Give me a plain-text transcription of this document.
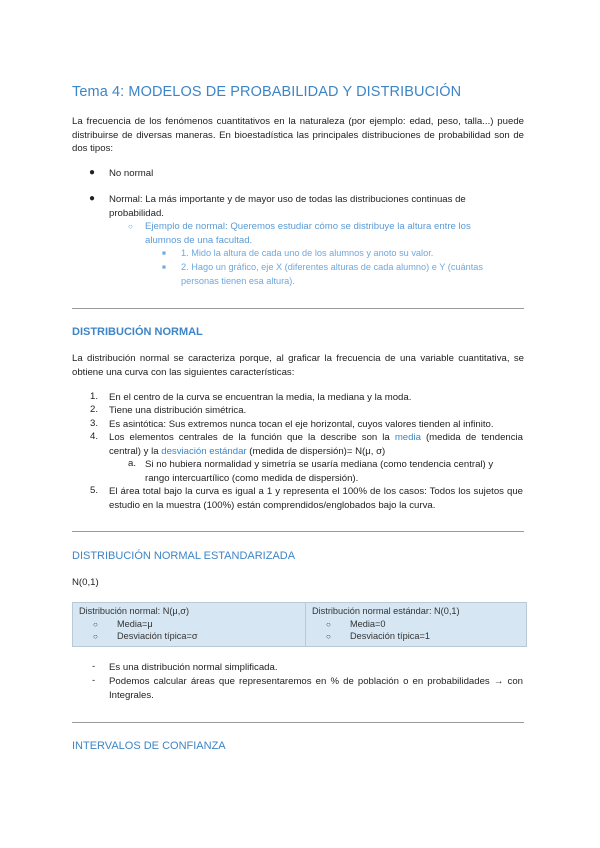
Tema 4: MODELOS DE PROBABILIDAD Y DISTRIBUCIÓN
La frecuencia de los fenómenos cuantitativos en la naturaleza (por ejemplo: edad, peso, talla...) puede distribuirse de diversas maneras. En bioestadística las principales distribuciones de probabilidad son de dos tipos:
● No normal
● Normal: La más importante y de mayor uso de todas las distribuciones continuas de probabilidad.
○ Ejemplo de normal: Queremos estudiar cómo se distribuye la altura entre los alumnos de una facultad.
■ 1. Mido la altura de cada uno de los alumnos y anoto su valor.
■ 2. Hago un gráfico, eje X (diferentes alturas de cada alumno) e Y (cuántas personas tienen esa altura).
DISTRIBUCIÓN NORMAL
La distribución normal se caracteriza porque, al graficar la frecuencia de una variable cuantitativa, se obtiene una curva con las siguientes características:
1. En el centro de la curva se encuentran la media, la mediana y la moda.
2. Tiene una distribución simétrica.
3. Es asintótica: Sus extremos nunca tocan el eje horizontal, cuyos valores tienden al infinito.
4. Los elementos centrales de la función que la describe son la media (medida de tendencia central) y la desviación estándar (medida de dispersión)= N(μ, σ)
a. Si no hubiera normalidad y simetría se usaría mediana (como tendencia central) y rango intercuartílico (como medida de dispersión).
5. El área total bajo la curva es igual a 1 y representa el 100% de los casos: Todos los sujetos que estudio en la muestra (100%) están comprendidos/englobados bajo la curva.
DISTRIBUCIÓN NORMAL ESTANDARIZADA
N(0,1)
Distribución normal: N(μ,σ)
○ Media=μ
○ Desviación típica=σ

Distribución normal estándar: N(0,1)
○ Media=0
○ Desviación típica=1
- Es una distribución normal simplificada.
- Podemos calcular áreas que representaremos en % de población o en probabilidades → con Integrales.
INTERVALOS DE CONFIANZA
